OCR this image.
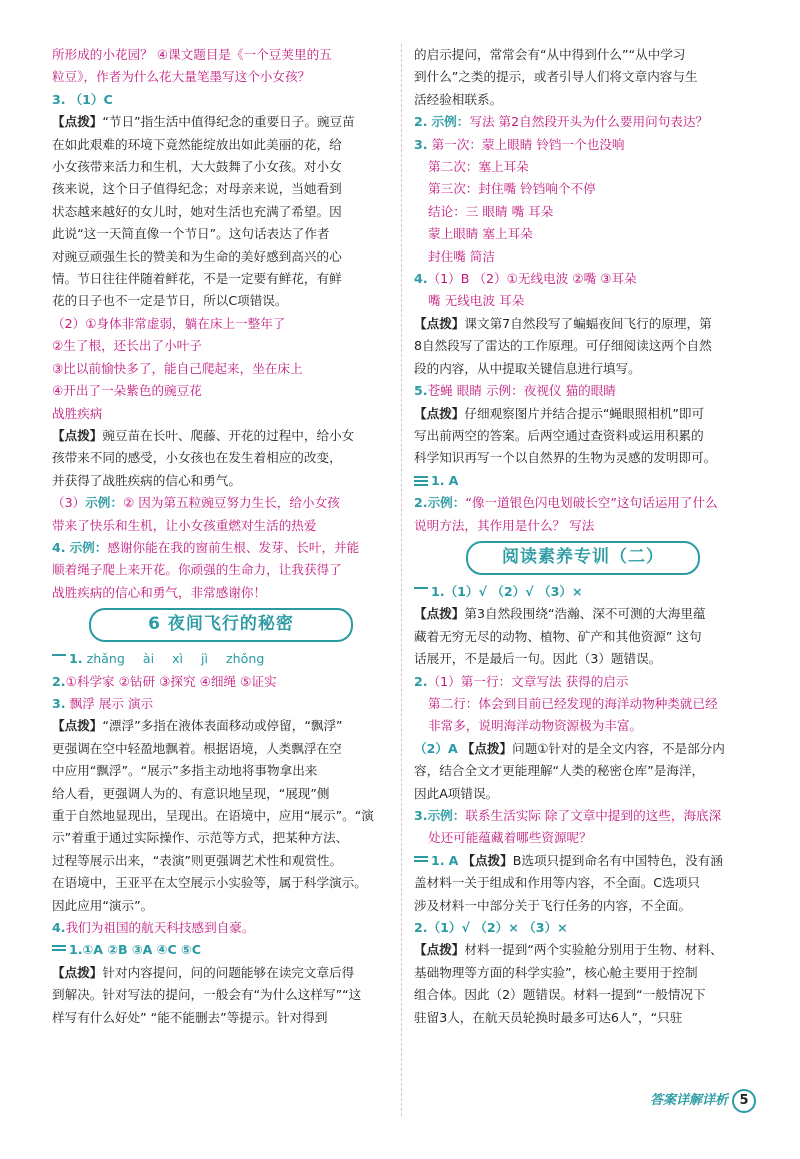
所形成的小花园？ ④课文题目是《一个豆荚里的五

粒豆》，作者为什么花大量笔墨写这个小女孩？

3. （1）C

【点拨】“节日”指生活中值得纪念的重要日子。豌豆苗

在如此艰难的环境下竟然能绽放出如此美丽的花，给

小女孩带来活力和生机，大大鼓舞了小女孩。对小女

孩来说，这个日子值得纪念；对母亲来说，当她看到

状态越来越好的女儿时，她对生活也充满了希望。因

此说“这一天简直像一个节日”。这句话表达了作者

对豌豆顽强生长的赞美和为生命的美好感到高兴的心

情。节日往往伴随着鲜花，不是一定要有鲜花，有鲜

花的日子也不一定是节日，所以C项错误。

（2）①身体非常虚弱，躺在床上一整年了

②生了根，还长出了小叶子

③比以前愉快多了，能自己爬起来，坐在床上

④开出了一朵紫色的豌豆花

战胜疾病

【点拨】豌豆苗在长叶、爬藤、开花的过程中，给小女

孩带来不同的感受，小女孩也在发生着相应的改变，

并获得了战胜疾病的信心和勇气。

（3）示例：② 因为第五粒豌豆努力生长，给小女孩

带来了快乐和生机，让小女孩重燃对生活的热爱

4. 示例：感谢你能在我的窗前生根、发芽、长叶，并能

顺着绳子爬上来开花。你顽强的生命力，让我获得了

战胜疾病的信心和勇气，非常感谢你！

6 夜间飞行的秘密

1. zhǎng ài xì jì zhǒng

2.①科学家 ②钻研 ③探究 ④细绳 ⑤证实

3. 飘浮 展示 演示

【点拨】“漂浮”多指在液体表面移动或停留，“飘浮”

更强调在空中轻盈地飘着。根据语境，人类飘浮在空

中应用“飘浮”。“展示”多指主动地将事物拿出来

给人看，更强调人为的、有意识地呈现，“展现”侧

重于自然地显现出，呈现出。在语境中，应用“展示”。“演

示”着重于通过实际操作、示范等方式，把某种方法、

过程等展示出来，“表演”则更强调艺术性和观赏性。

在语境中，王亚平在太空展示小实验等，属于科学演示。

因此应用“演示”。

4.我们为祖国的航天科技感到自豪。

1.①A ②B ③A ④C ⑤C

【点拨】针对内容提问，问的问题能够在读完文章后得

到解决。针对写法的提问，一般会有“为什么这样写”“这

样写有什么好处” “能不能删去”等提示。针对得到

的启示提问，常常会有“从中得到什么”“从中学习

到什么”之类的提示，或者引导人们将文章内容与生

活经验相联系。

2. 示例：写法 第2自然段开头为什么要用问句表达？

3. 第一次：蒙上眼睛 铃铛一个也没响

第二次：塞上耳朵

第三次：封住嘴 铃铛响个不停

结论：三 眼睛 嘴 耳朵

蒙上眼睛 塞上耳朵

封住嘴 简洁

4.（1）B （2）①无线电波 ②嘴 ③耳朵

嘴 无线电波 耳朵

【点拨】课文第7自然段写了蝙蝠夜间飞行的原理，第

8自然段写了雷达的工作原理。可仔细阅读这两个自然

段的内容，从中提取关键信息进行填写。

5.苍蝇 眼睛 示例：夜视仪 猫的眼睛

【点拨】仔细观察图片并结合提示“蝇眼照相机”即可

写出前两空的答案。后两空通过查资料或运用积累的

科学知识再写一个以自然界的生物为灵感的发明即可。

1. A

2.示例：“像一道银色闪电划破长空”这句话运用了什么

说明方法，其作用是什么？ 写法

阅读素养专训（二）

1.（1）√ （2）√ （3）×

【点拨】第3自然段围绕“浩瀚、深不可测的大海里蕴

藏着无穷无尽的动物、植物、矿产和其他资源” 这句

话展开，不是最后一句。因此（3）题错误。

2.（1）第一行：文章写法 获得的启示

第二行：体会到目前已经发现的海洋动物种类就已经

非常多，说明海洋动物资源极为丰富。

（2）A 【点拨】问题①针对的是全文内容，不是部分内

容，结合全文才更能理解“人类的秘密仓库”是海洋，

因此A项错误。

3.示例：联系生活实际 除了文章中提到的这些，海底深

处还可能蕴藏着哪些资源呢？

1. A 【点拨】B选项只提到命名有中国特色，没有涵

盖材料一关于组成和作用等内容，不全面。C选项只

涉及材料一中部分关于飞行任务的内容，不全面。

2.（1）√ （2）× （3）×

【点拨】材料一提到“两个实验舱分别用于生物、材料、

基础物理等方面的科学实验”，核心舱主要用于控制

组合体。因此（2）题错误。材料一提到“一般情况下

驻留3人，在航天员轮换时最多可达6人”，“只驻

答案详解详析 5
